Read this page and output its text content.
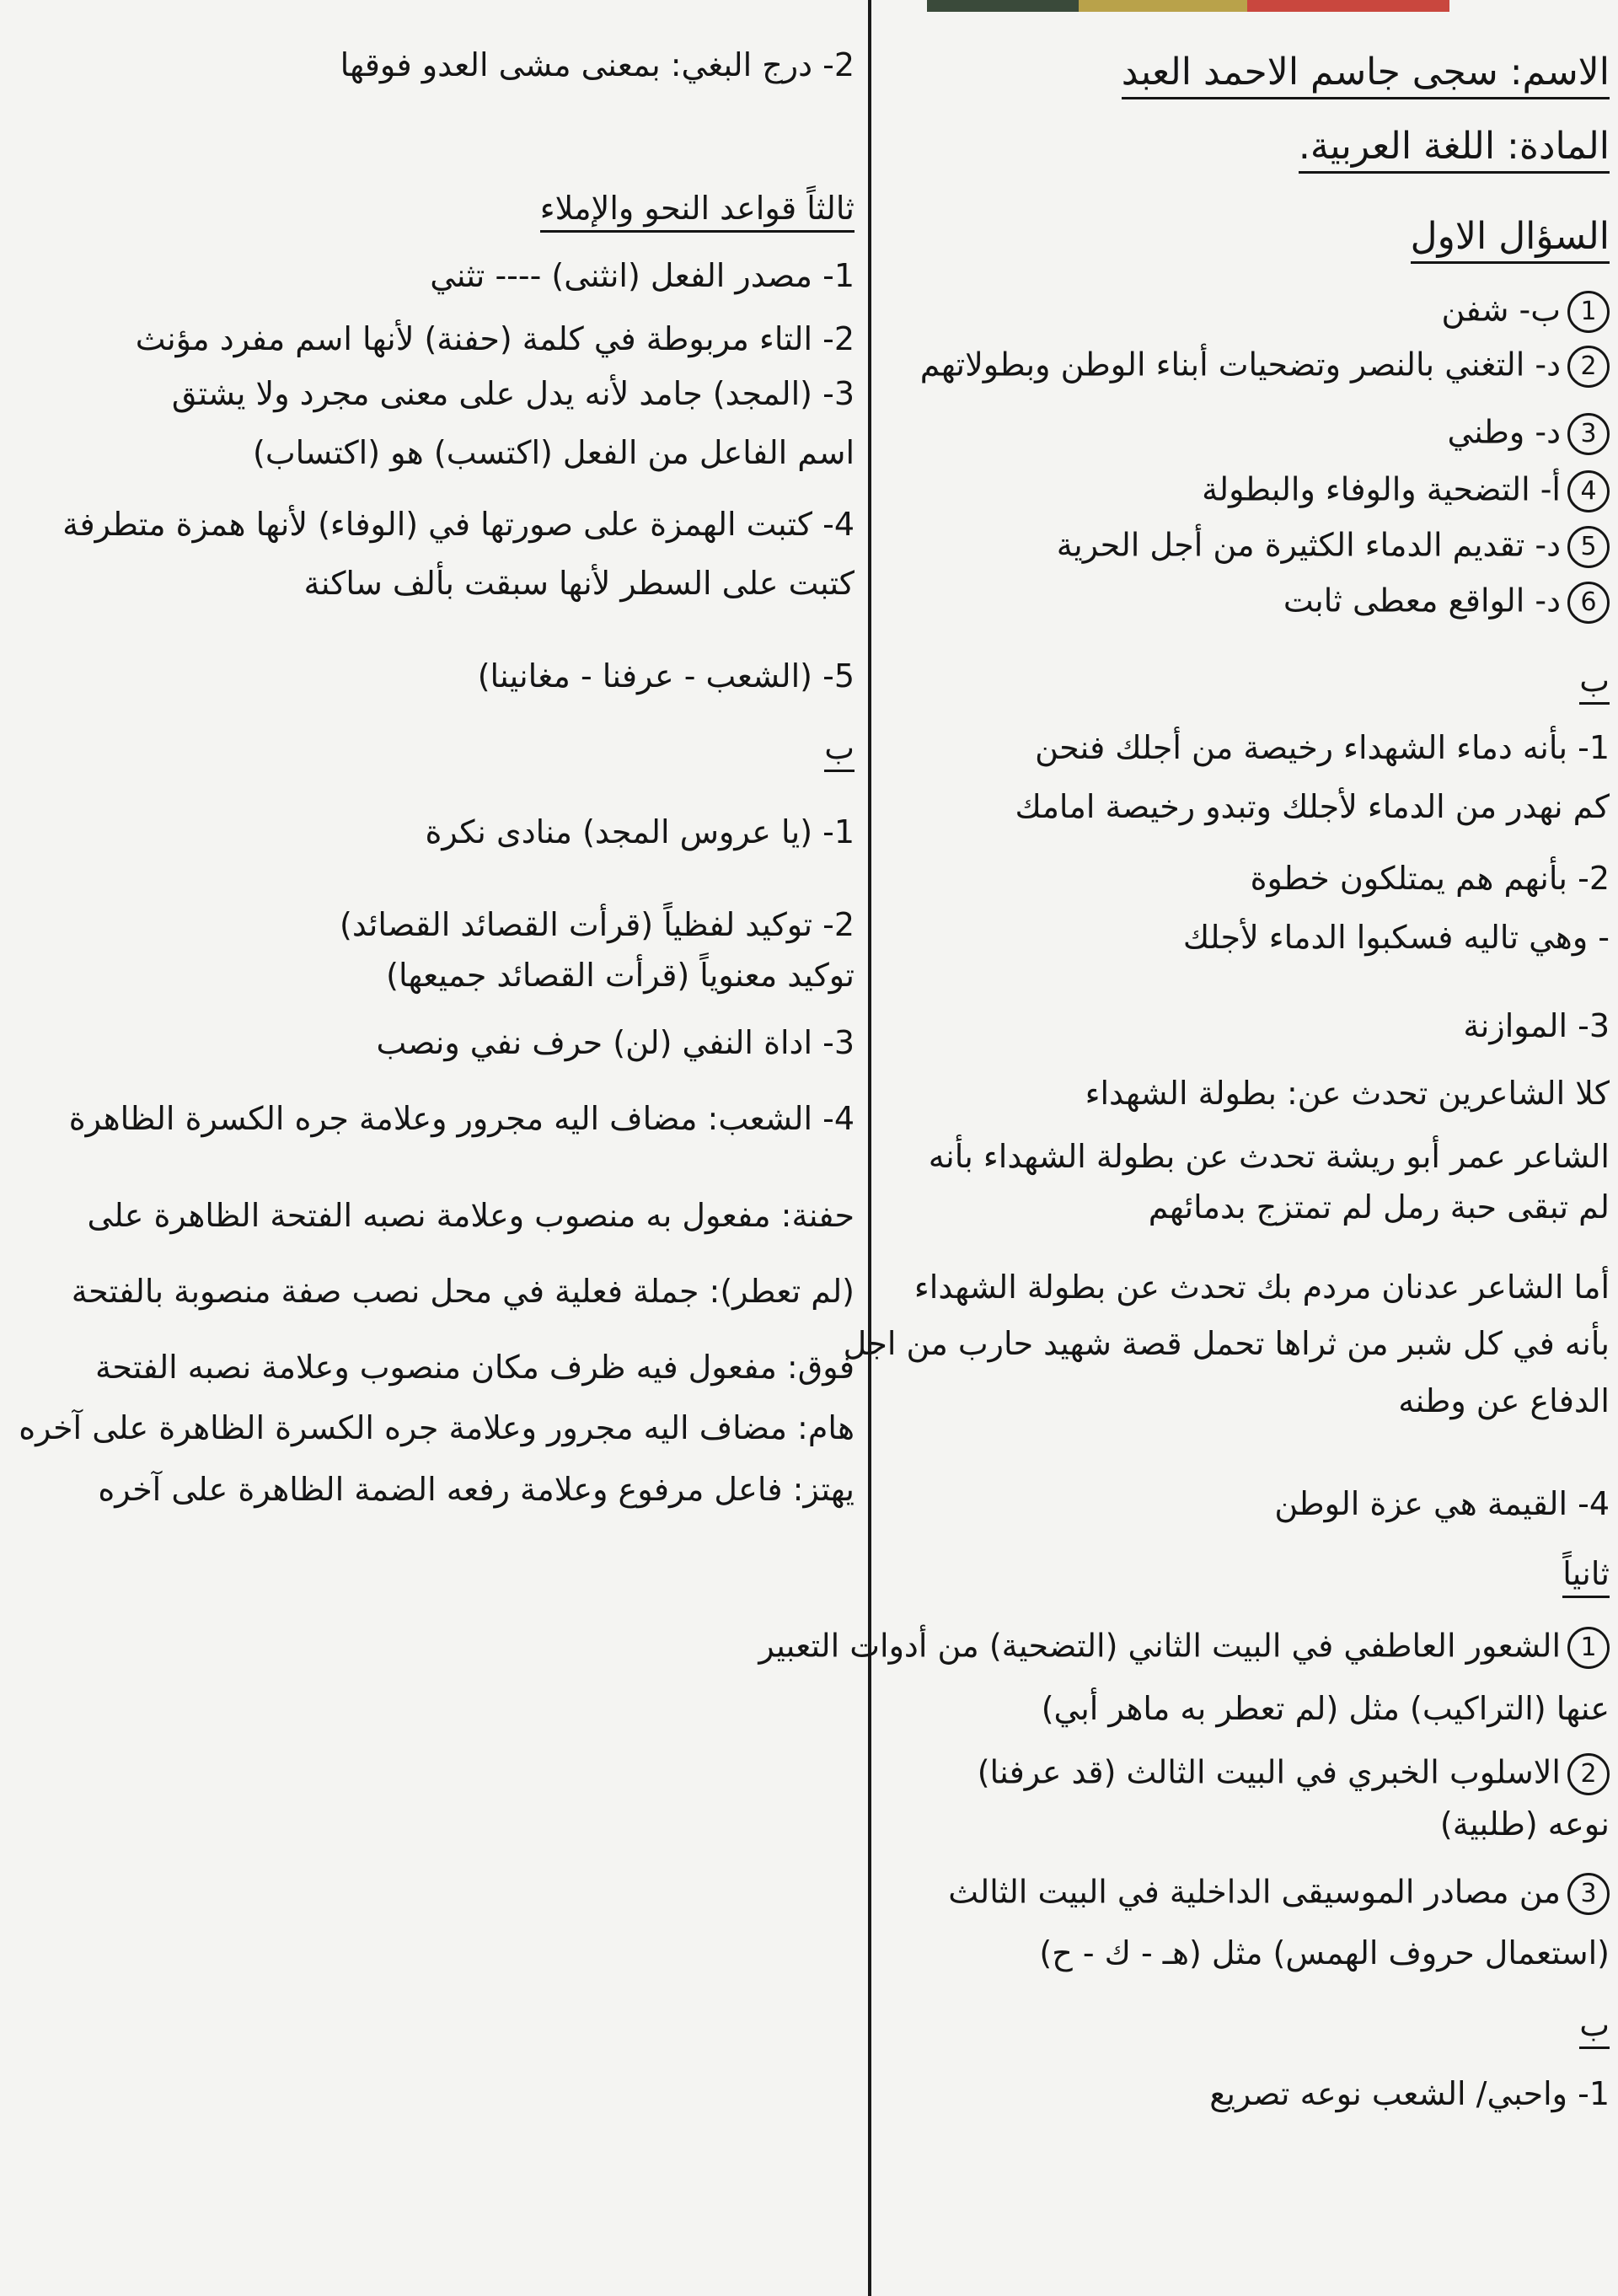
الاسم: سجى جاسم الاحمد العبد
المادة: اللغة العربية.
السؤال الاول
1ب- شفن
2د- التغني بالنصر وتضحيات أبناء الوطن وبطولاتهم
3د- وطني
4أ- التضحية والوفاء والبطولة
5د- تقديم الدماء الكثيرة من أجل الحرية
6د- الواقع معطى ثابت
ب
1- بأنه دماء الشهداء رخيصة من أجلك فنحن
كم نهدر من الدماء لأجلك وتبدو رخيصة امامك
2- بأنهم هم يمتلكون خطوة
- وهي تاليه فسكبوا الدماء لأجلك
3- الموازنة
كلا الشاعرين تحدث عن: بطولة الشهداء
الشاعر عمر أبو ريشة تحدث عن بطولة الشهداء بأنه
لم تبقى حبة رمل لم تمتزج بدمائهم
أما الشاعر عدنان مردم بك تحدث عن بطولة الشهداء
بأنه في كل شبر من ثراها تحمل قصة شهيد حارب من اجل
الدفاع عن وطنه
4- القيمة هي عزة الوطن
ثانياً
1الشعور العاطفي في البيت الثاني (التضحية) من أدوات التعبير
عنها (التراكيب) مثل (لم تعطر به ماهر أبي)
2الاسلوب الخبري في البيت الثالث (قد عرفنا)
نوعه (طلبية)
3من مصادر الموسيقى الداخلية في البيت الثالث
(استعمال حروف الهمس) مثل (هـ - ك - ح)
ب
1- واحبي/ الشعب نوعه تصريع
2- درج البغي: بمعنى مشى العدو فوقها
ثالثاً قواعد النحو والإملاء
1- مصدر الفعل (انثنى) ---- تثني
2- التاء مربوطة في كلمة (حفنة) لأنها اسم مفرد مؤنث
3- (المجد) جامد لأنه يدل على معنى مجرد ولا يشتق
اسم الفاعل من الفعل (اكتسب) هو (اكتساب)
4- كتبت الهمزة على صورتها في (الوفاء) لأنها همزة متطرفة
كتبت على السطر لأنها سبقت بألف ساكنة
5- (الشعب - عرفنا - مغانينا)
ب
1- (يا عروس المجد) منادى نكرة
2- توكيد لفظياً (قرأت القصائد القصائد)
توكيد معنوياً (قرأت القصائد جميعها)
3- اداة النفي (لن) حرف نفي ونصب
4- الشعب: مضاف اليه مجرور وعلامة جره الكسرة الظاهرة
حفنة: مفعول به منصوب وعلامة نصبه الفتحة الظاهرة على
(لم تعطر): جملة فعلية في محل نصب صفة منصوبة بالفتحة
فوق: مفعول فيه ظرف مكان منصوب وعلامة نصبه الفتحة
هام: مضاف اليه مجرور وعلامة جره الكسرة الظاهرة على آخره
يهتز: فاعل مرفوع وعلامة رفعه الضمة الظاهرة على آخره
